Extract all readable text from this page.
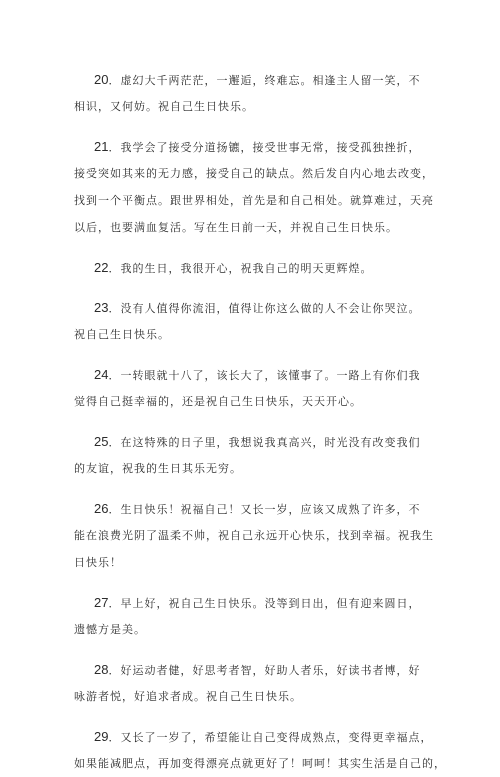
20．虚幻大千两茫茫，一邂逅，终难忘。相逢主人留一笑，不
相识，又何妨。祝自己生日快乐。
21．我学会了接受分道扬镳，接受世事无常，接受孤独挫折，
接受突如其来的无力感，接受自己的缺点。然后发自内心地去改变，
找到一个平衡点。跟世界相处，首先是和自己相处。就算难过，天亮
以后，也要满血复活。写在生日前一天，并祝自己生日快乐。
22．我的生日，我很开心，祝我自己的明天更辉煌。
23．没有人值得你流泪，值得让你这么做的人不会让你哭泣。
祝自己生日快乐。
24．一转眼就十八了，该长大了，该懂事了。一路上有你们我
觉得自己挺幸福的，还是祝自己生日快乐，天天开心。
25．在这特殊的日子里，我想说我真高兴，时光没有改变我们
的友谊，祝我的生日其乐无穷。
26．生日快乐！祝福自己！又长一岁，应该又成熟了许多，不
能在浪费光阴了温柔不帅，祝自己永远开心快乐，找到幸福。祝我生
日快乐！
27．早上好，祝自己生日快乐。没等到日出，但有迎来圆日，
遗憾方是美。
28．好运动者健，好思考者智，好助人者乐，好读书者博，好
咏游者悦，好追求者成。祝自己生日快乐。
29．又长了一岁了，希望能让自己变得成熟点，变得更幸福点，
如果能减肥点，再加变得漂亮点就更好了！呵呵！其实生活是自己的，
